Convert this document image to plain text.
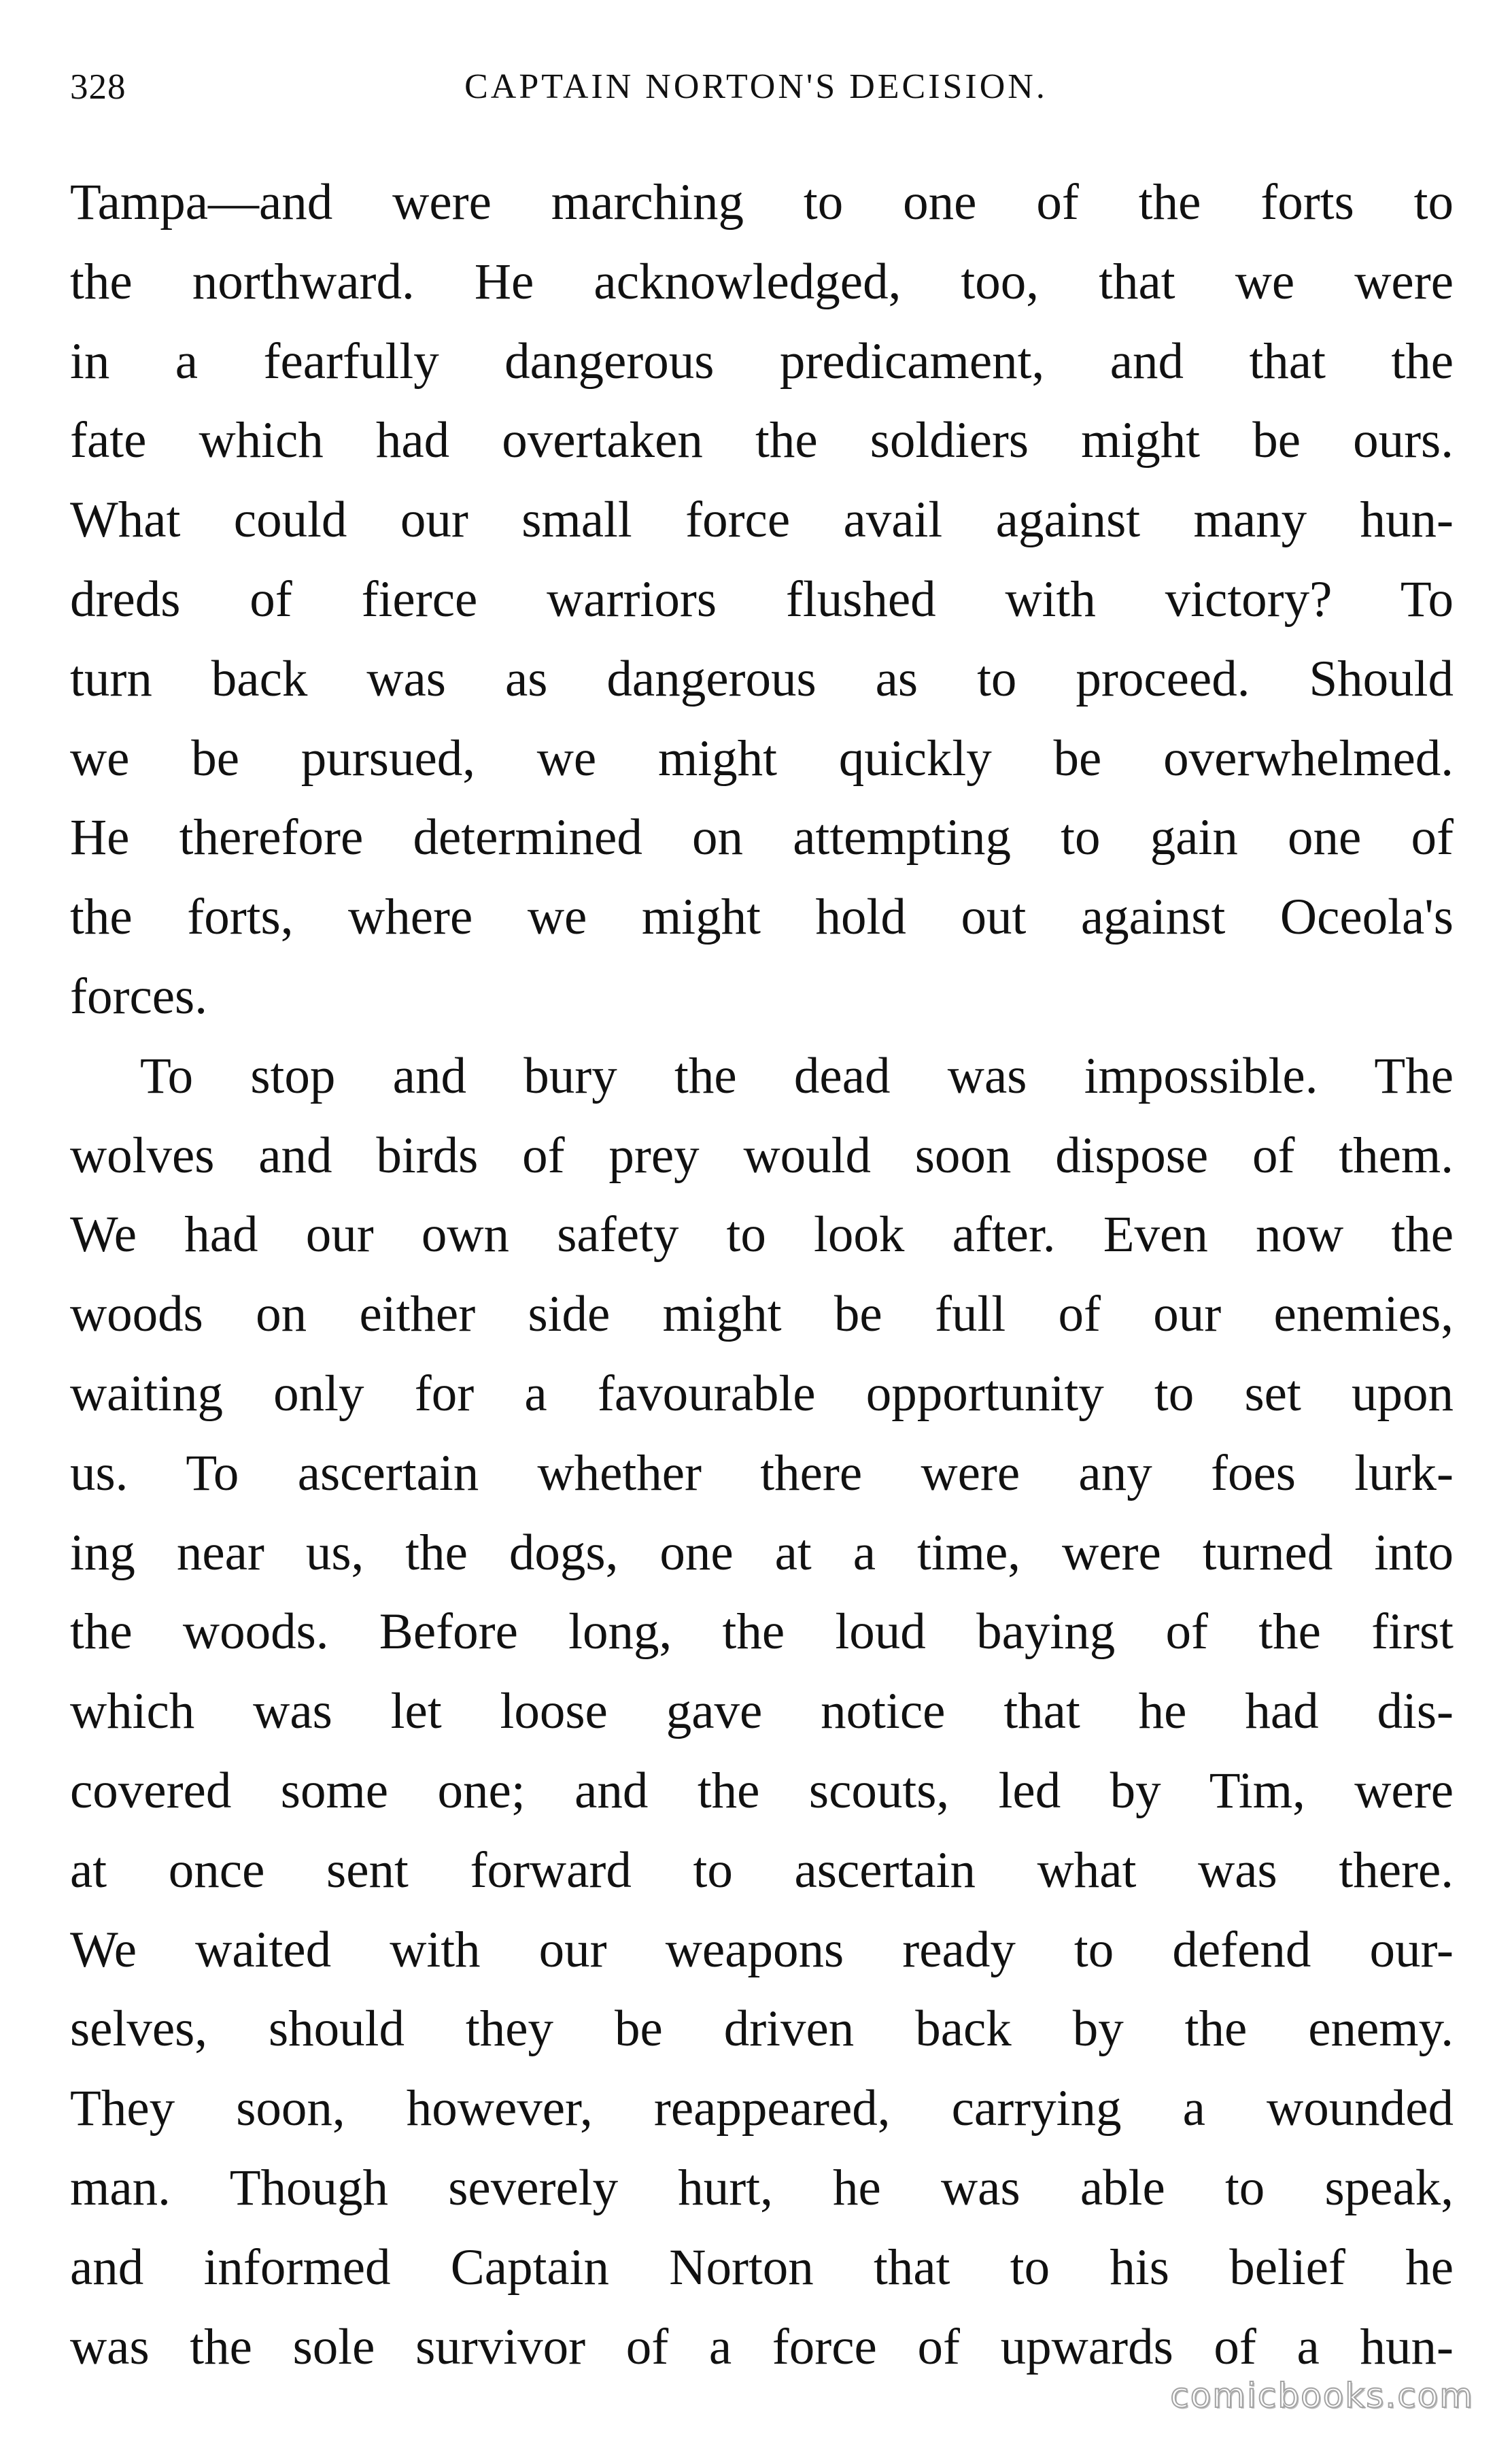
328	CAPTAIN NORTON'S DECISION.
Tampa—and were marching to one of the forts to
the northward. He acknowledged, too, that we were
in a fearfully dangerous predicament, and that the
fate which had overtaken the soldiers might be ours.
What could our small force avail against many hun-
dreds of fierce warriors flushed with victory? To
turn back was as dangerous as to proceed. Should
we be pursued, we might quickly be overwhelmed.
He therefore determined on attempting to gain one of
the forts, where we might hold out against Oceola's
forces.
To stop and bury the dead was impossible. The
wolves and birds of prey would soon dispose of them.
We had our own safety to look after. Even now the
woods on either side might be full of our enemies,
waiting only for a favourable opportunity to set upon
us. To ascertain whether there were any foes lurk-
ing near us, the dogs, one at a time, were turned into
the woods. Before long, the loud baying of the first
which was let loose gave notice that he had dis-
covered some one; and the scouts, led by Tim, were
at once sent forward to ascertain what was there.
We waited with our weapons ready to defend our-
selves, should they be driven back by the enemy.
They soon, however, reappeared, carrying a wounded
man. Though severely hurt, he was able to speak,
and informed Captain Norton that to his belief he
was the sole survivor of a force of upwards of a hun-
comicbooks.com
